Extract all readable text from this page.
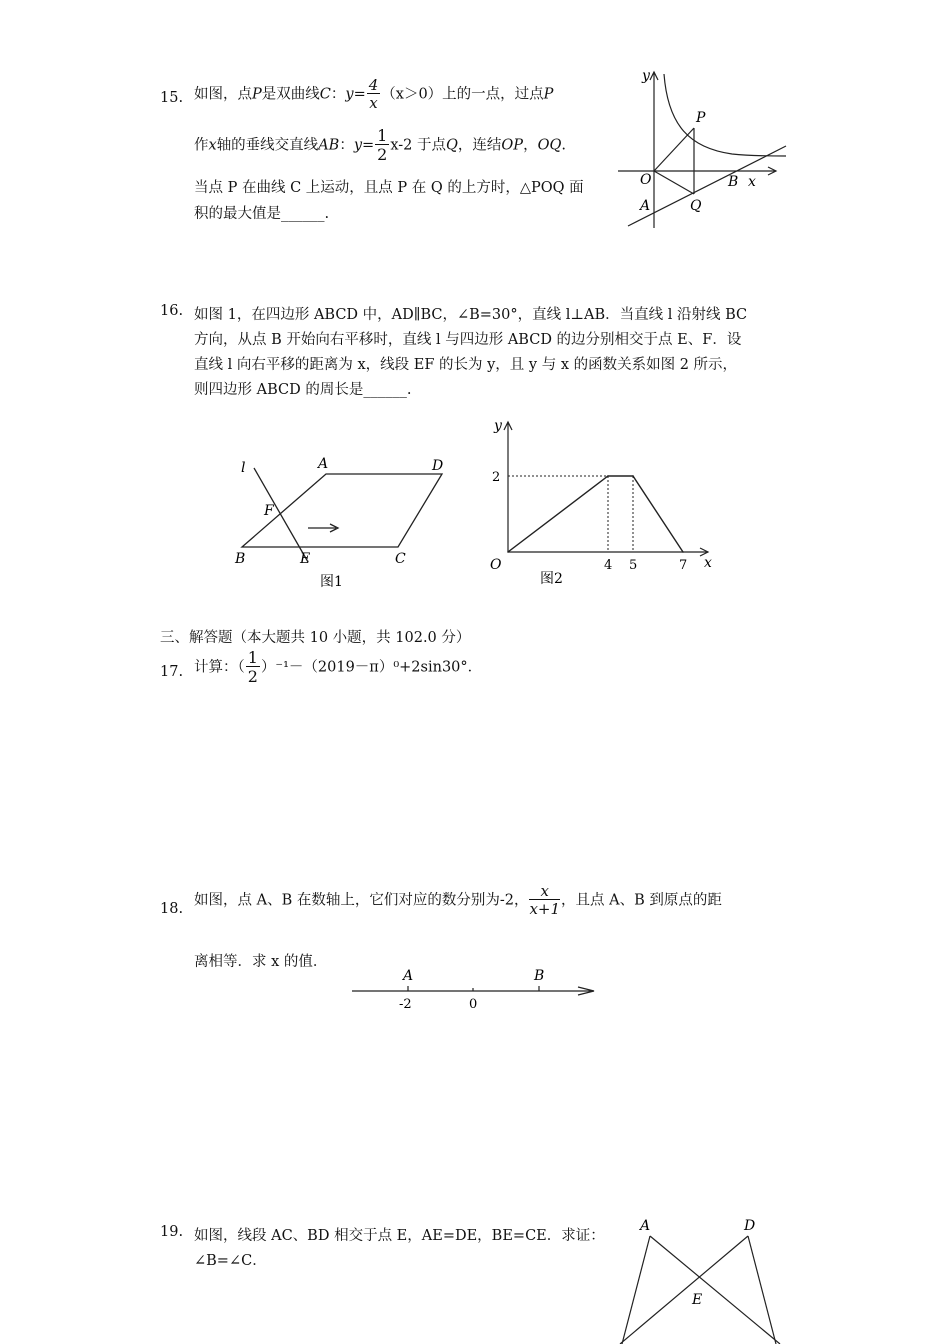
15. 如图，点P是双曲线C：$y= \frac{4}{x} (x>0)$上的一点，过点P
作x轴的垂线交直线AB：$y= \frac{1}{2} x-2$ 于点Q，连结OP，OQ.
当点 P 在曲线 C 上运动，且点 P 在 Q 的上方时，△POQ 面
积的最大值是______.
y
P
O	B x
A	Q
16. 如图 1，在四边形 ABCD 中，AD∥BC，∠B=30°，直线 l⊥AB．当直线 l 沿射线 BC
方向，从点 B 开始向右平移时，直线 l 与四边形 ABCD 的边分别相交于点 E、F．设
直线 l 向右平移的距离为 x，线段 EF 的长为 y，且 y 与 x 的函数关系如图 2 所示，
则四边形 ABCD 的周长是______.
l	A	D
F
B	E	C
图1
4 5	7
2
y
x
O
图2
三、解答题（本大题共 10 小题，共 102.0 分）
17. 计算：（ $\frac{1}{2} )^{-1}-(2019-\pi)^0+2\sin 30^\circ$．
18.
如图，点 A、B 在数轴上，它们对应的数分别为-2， $\frac{x}{x+1}$ ，且点 A、B 到原点的距
离相等．求 x 的值．
A	B
-2	0
19. 如图，线段 AC、BD 相交于点 E，AE=DE，BE=CE．求证：
∠B=∠C．
A	D
E
